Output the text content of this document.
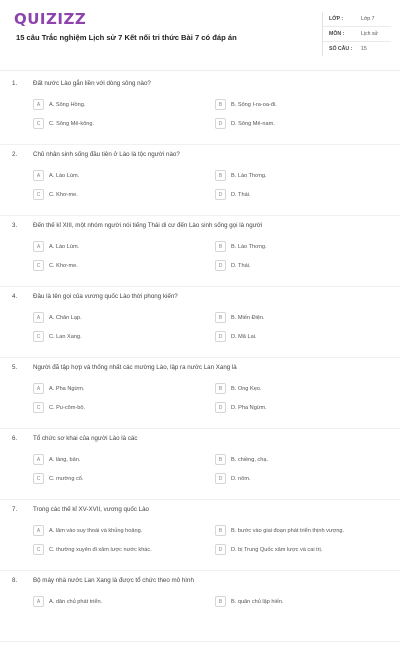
QUIZIZZ
15 câu Trắc nghiệm Lịch sử 7 Kết nối tri thức Bài 7 có đáp án
LỚP :	Lớp 7
MÔN :	Lịch sử
SỐ CÂU :	15
1.	Đất nước Lào gắn liền với dòng sông nào?
A	A. Sông Hồng.	B	B. Sông I-ra-oa-đi.
C	C. Sông Mê-kông.	D	D. Sông Mê-nam.
2.	Chủ nhân sinh sống đầu tiên ở Lào là tộc người nào?
A	A. Lào Lùm.	B	B. Lào Thơng.
C	C. Khơ-me.	D	D. Thái.
3.	Đến thế kỉ XIII, một nhóm người nói tiếng Thái di cư đến Lào sinh sống gọi là người
A	A. Lào Lùm.	B	B. Lào Thơng.
C	C. Khơ-me.	D	D. Thái.
4.	Đâu là tên gọi của vương quốc Lào thời phong kiến?
A	A. Chân Lạp.	B	B. Miến Điện.
C	C. Lan Xang.	D	D. Mã Lai.
5.	Người đã tập hợp và thống nhất các mường Lào, lập ra nước Lan Xang là
A	A. Pha Ngừm.	B	B. Ong Kẹo.
C	C. Pu-côm-bô.	D	D. Pha Ngừm.
6.	Tổ chức sơ khai của người Lào là các
A	A. làng, bản.	B	B. chiềng, chạ.
C	C. mường cổ.	D	D. nôm.
7.	Trong các thế kỉ XV-XVII, vương quốc Lào
A	A. lâm vào suy thoái và khủng hoảng.	B	B. bước vào giai đoạn phát triển thịnh vượng.
C	C. thường xuyên đi xâm lược nước khác.	D	D. bị Trung Quốc xâm lược và cai trị.
8.	Bộ máy nhà nước Lan Xang là được tổ chức theo mô hình
A	A. dân chủ phát triển.	B	B. quân chủ lập hiến.
